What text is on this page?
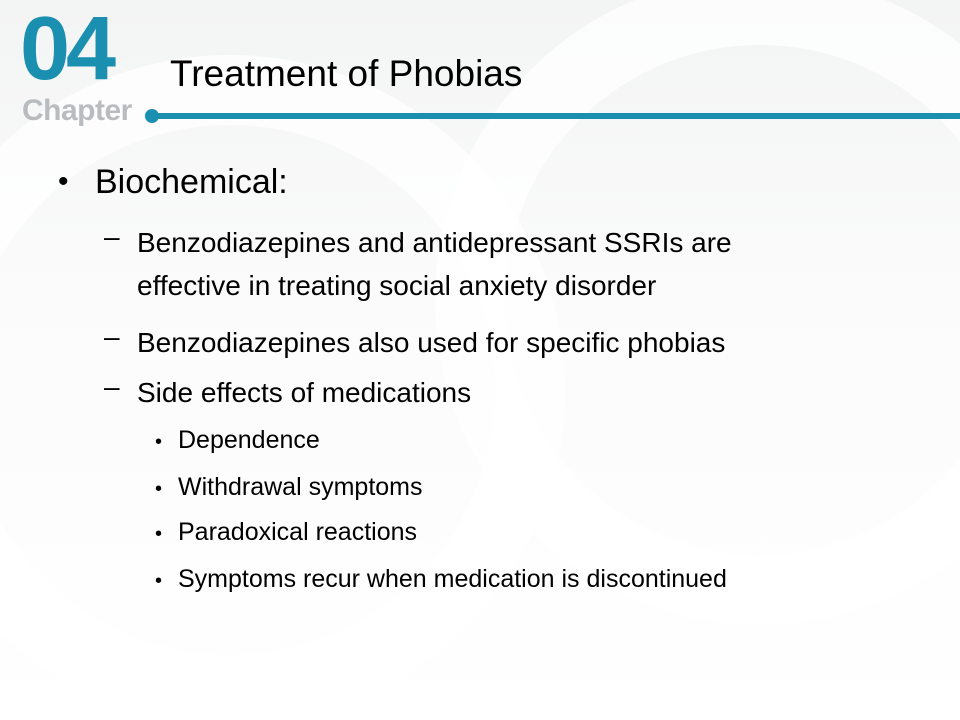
04
Chapter
Treatment of Phobias
• Biochemical:
– Benzodiazepines and antidepressant SSRIs are
effective in treating social anxiety disorder
– Benzodiazepines also used for specific phobias
– Side effects of medications
• Dependence
• Withdrawal symptoms
• Paradoxical reactions
• Symptoms recur when medication is discontinued
